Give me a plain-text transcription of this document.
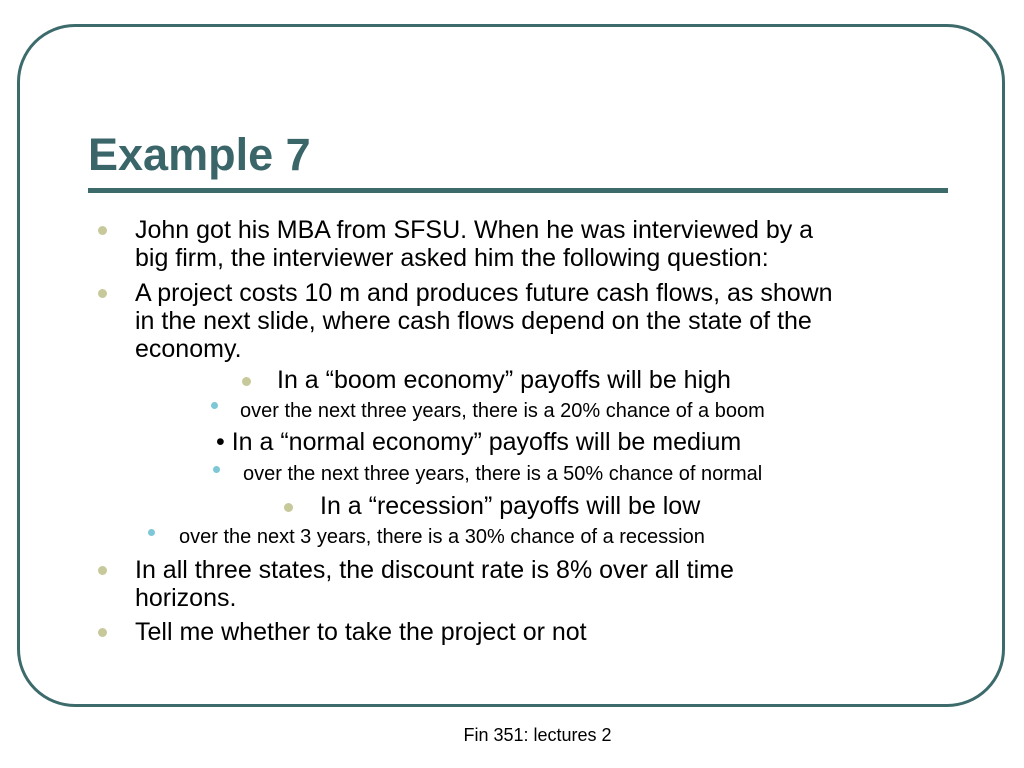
Example 7
John got his MBA from SFSU. When he was interviewed by a
big firm, the interviewer asked him the following question:
A project costs 10 m and produces future cash flows, as shown
in the next slide, where cash flows depend on the state of the
economy.
In a “boom economy” payoffs will be high
over the next three years, there is a 20% chance of a boom
• In a “normal economy” payoffs will be medium
over the next three years, there is a 50% chance of normal
In a “recession” payoffs will be low
over the next 3 years, there is a 30% chance of a recession
In all three states, the discount rate is 8% over all time
horizons.
Tell me whether to take the project or not
Fin 351: lectures 2
